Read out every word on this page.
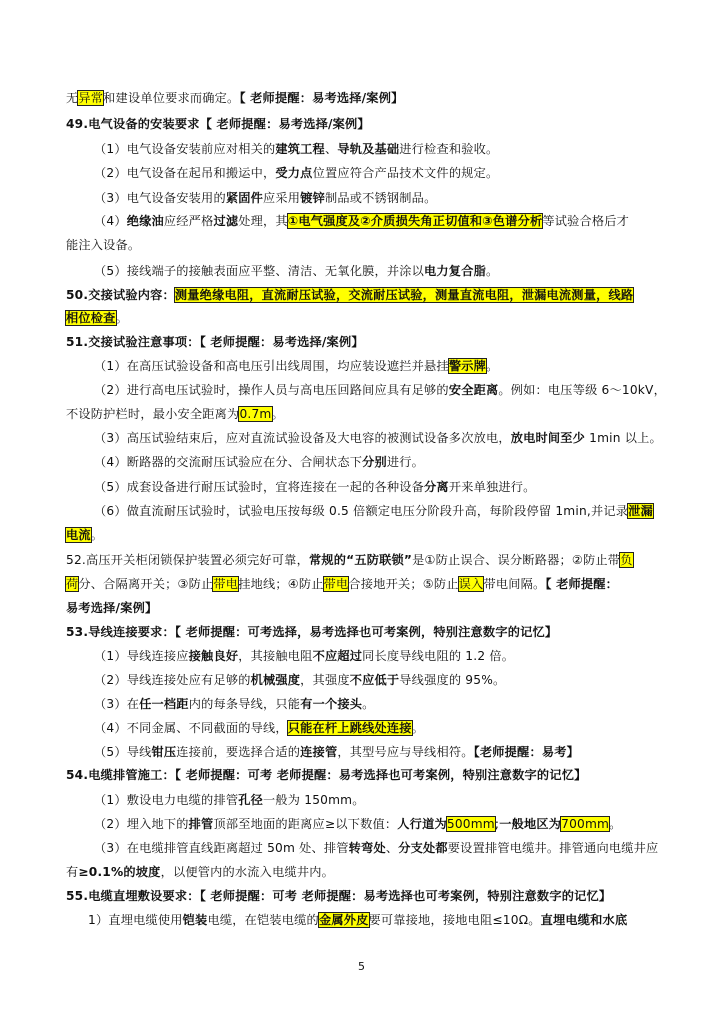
无异常和建设单位要求而确定。【 老师提醒：易考选择/案例】
49.电气设备的安装要求【 老师提醒：易考选择/案例】
（1）电气设备安装前应对相关的建筑工程、导轨及基础进行检查和验收。
（2）电气设备在起吊和搬运中，受力点位置应符合产品技术文件的规定。
（3）电气设备安装用的紧固件应采用镀锌制品或不锈钢制品。
（4）绝缘油应经严格过滤处理，其①电气强度及②介质损失角正切值和③色谱分析等试验合格后才
能注入设备。
（5）接线端子的接触表面应平整、清洁、无氧化膜，并涂以电力复合脂。
50.交接试验内容：测量绝缘电阻，直流耐压试验，交流耐压试验，测量直流电阻，泄漏电流测量，线路
相位检查。
51.交接试验注意事项：【 老师提醒：易考选择/案例】
（1）在高压试验设备和高电压引出线周围，均应装设遮拦并悬挂警示牌。
（2）进行高电压试验时，操作人员与高电压回路间应具有足够的安全距离。例如：电压等级 6～10kV，
不设防护栏时，最小安全距离为0.7m。
（3）高压试验结束后，应对直流试验设备及大电容的被测试设备多次放电，放电时间至少 1min 以上。
（4）断路器的交流耐压试验应在分、合闸状态下分别进行。
（5）成套设备进行耐压试验时，宜将连接在一起的各种设备分离开来单独进行。
（6）做直流耐压试验时，试验电压按每级 0.5 倍额定电压分阶段升高，每阶段停留 1min,并记录泄漏
电流。
52.高压开关柜闭锁保护装置必须完好可靠，常规的“五防联锁”是①防止误合、误分断路器；②防止带负
荷分、合隔离开关；③防止带电挂地线；④防止带电合接地开关；⑤防止误入带电间隔。【 老师提醒：
易考选择/案例】
53.导线连接要求：【 老师提醒：可考选择，易考选择也可考案例，特别注意数字的记忆】
（1）导线连接应接触良好，其接触电阻不应超过同长度导线电阻的 1.2 倍。
（2）导线连接处应有足够的机械强度，其强度不应低于导线强度的 95%。
（3）在任一档距内的每条导线，只能有一个接头。
（4）不同金属、不同截面的导线，只能在杆上跳线处连接。
（5）导线钳压连接前，要选择合适的连接管，其型号应与导线相符。【老师提醒：易考】
54.电缆排管施工：【 老师提醒：可考 老师提醒：易考选择也可考案例，特别注意数字的记忆】
（1）敷设电力电缆的排管孔径一般为 150mm。
（2）埋入地下的排管顶部至地面的距离应≥以下数值：人行道为500mm;一般地区为700mm。
（3）在电缆排管直线距离超过 50m 处、排管转弯处、分支处都要设置排管电缆井。排管通向电缆井应
有≥0.1%的坡度，以便管内的水流入电缆井内。
55.电缆直埋敷设要求：【 老师提醒：可考 老师提醒：易考选择也可考案例，特别注意数字的记忆】
1）直埋电缆使用铠装电缆，在铠装电缆的金属外皮要可靠接地，接地电阻≤10Ω。直埋电缆和水底
5
